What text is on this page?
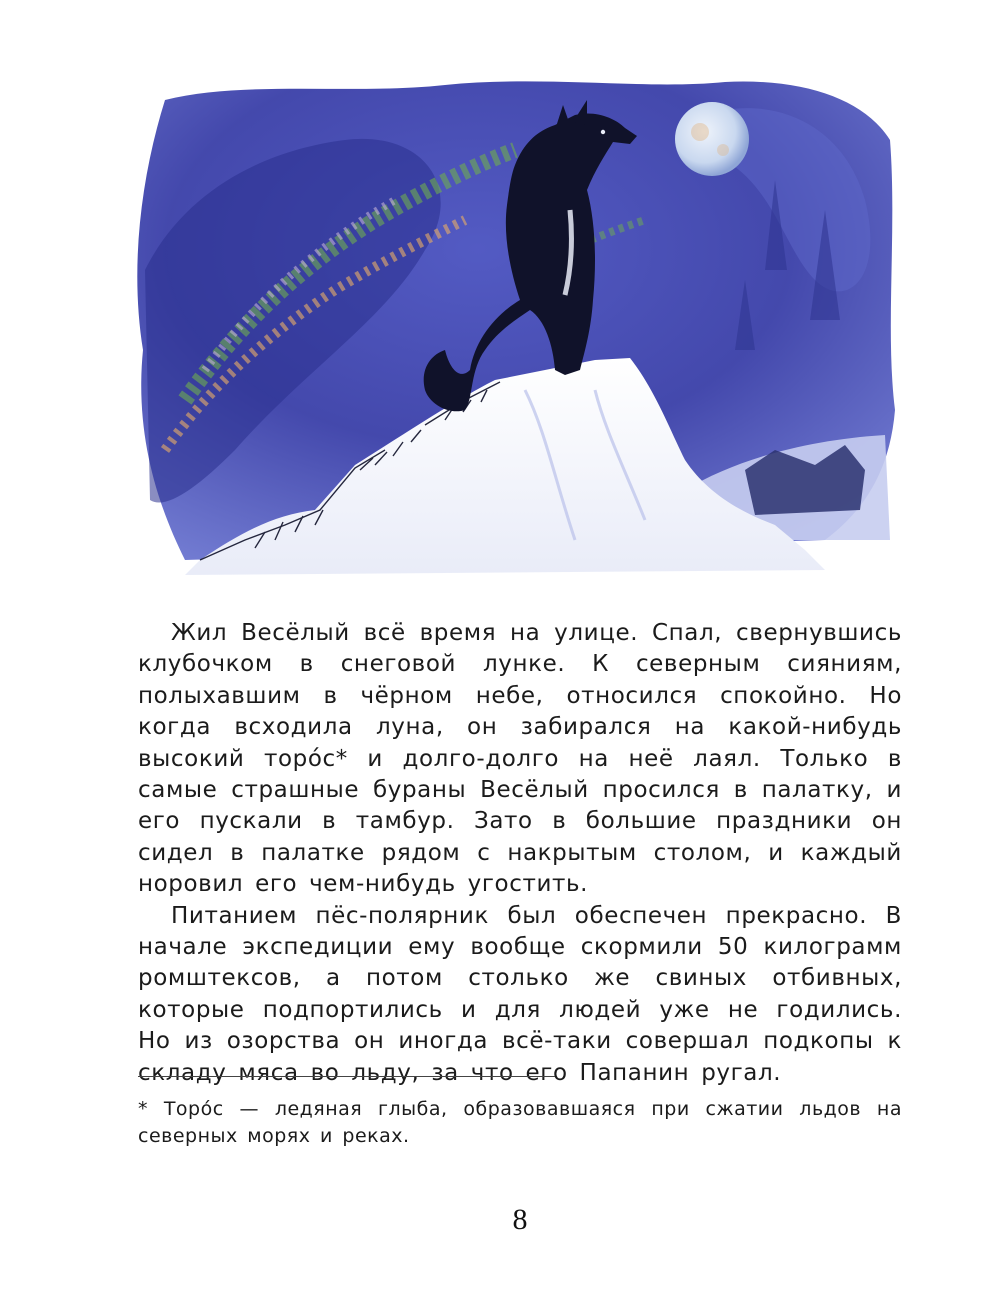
Жил Весёлый всё время на улице. Спал, свернувшись клубочком в снеговой лунке. К северным сияниям, полыхавшим в чёрном небе, относился спокойно. Но когда всходила луна, он забирался на какой-нибудь высокий торóс* и долго-долго на неё лаял. Только в самые страшные бураны Весёлый просился в палатку, и его пускали в тамбур. Зато в большие праздники он сидел в палатке рядом с накрытым столом, и каждый норовил его чем-нибудь угостить.

Питанием пёс-полярник был обеспечен прекрасно. В начале экспедиции ему вообще скормили 50 килограмм ромштексов, а потом столько же свиных отбивных, которые подпортились и для людей уже не годились. Но из озорства он иногда всё-таки совершал подкопы к складу мяса во льду, за что его Папанин ругал.

* Торóс — ледяная глыба, образовавшаяся при сжатии льдов на северных морях и реках.
8
